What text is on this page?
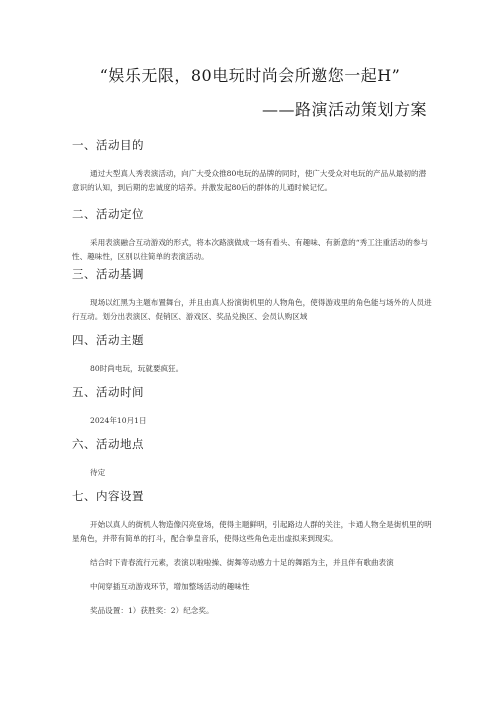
“娱乐无限，80电玩时尚会所邀您一起H”
——路演活动策划方案
一、活动目的
通过大型真人秀表演活动，向广大受众推80电玩的品牌的同时，使广大受众对电玩的产品从最初的潜意识的认知，到后期的忠诚度的培养。并激发起80后的群体的儿通时候记忆。
二、活动定位
采用表演融合互动游戏的形式，将本次路演做成一场有看头、有趣味、有新意的“秀工注重活动的参与性、趣味性，区别以往简单的表演活动。
三、活动基调
现场以红黑为主题布置舞台，并且由真人扮演街机里的人物角色，使得游戏里的角色能与场外的人员进行互动。划分出表演区、促销区、游戏区、奖品兑换区、会员认购区域
四、活动主题
80时尚电玩，玩就要疯狂。
五、活动时间
2024年10月1日
六、活动地点
待定
七、内容设置
开始以真人的街机人物造像闪亮登场，使得主题鲜明，引起路边人群的关注，卡通人物全是街机里的明星角色，并带有简单的打斗，配合拳皇音乐，使得这些角色走出虚拟来到现实。
结合时下青春流行元素，表演以啦啦操、街舞等动感力十足的舞蹈为主，并且伴有歌曲表演
中间穿插互动游戏环节，增加整场活动的趣味性
奖品设置：1）获胜奖：2）纪念奖。
